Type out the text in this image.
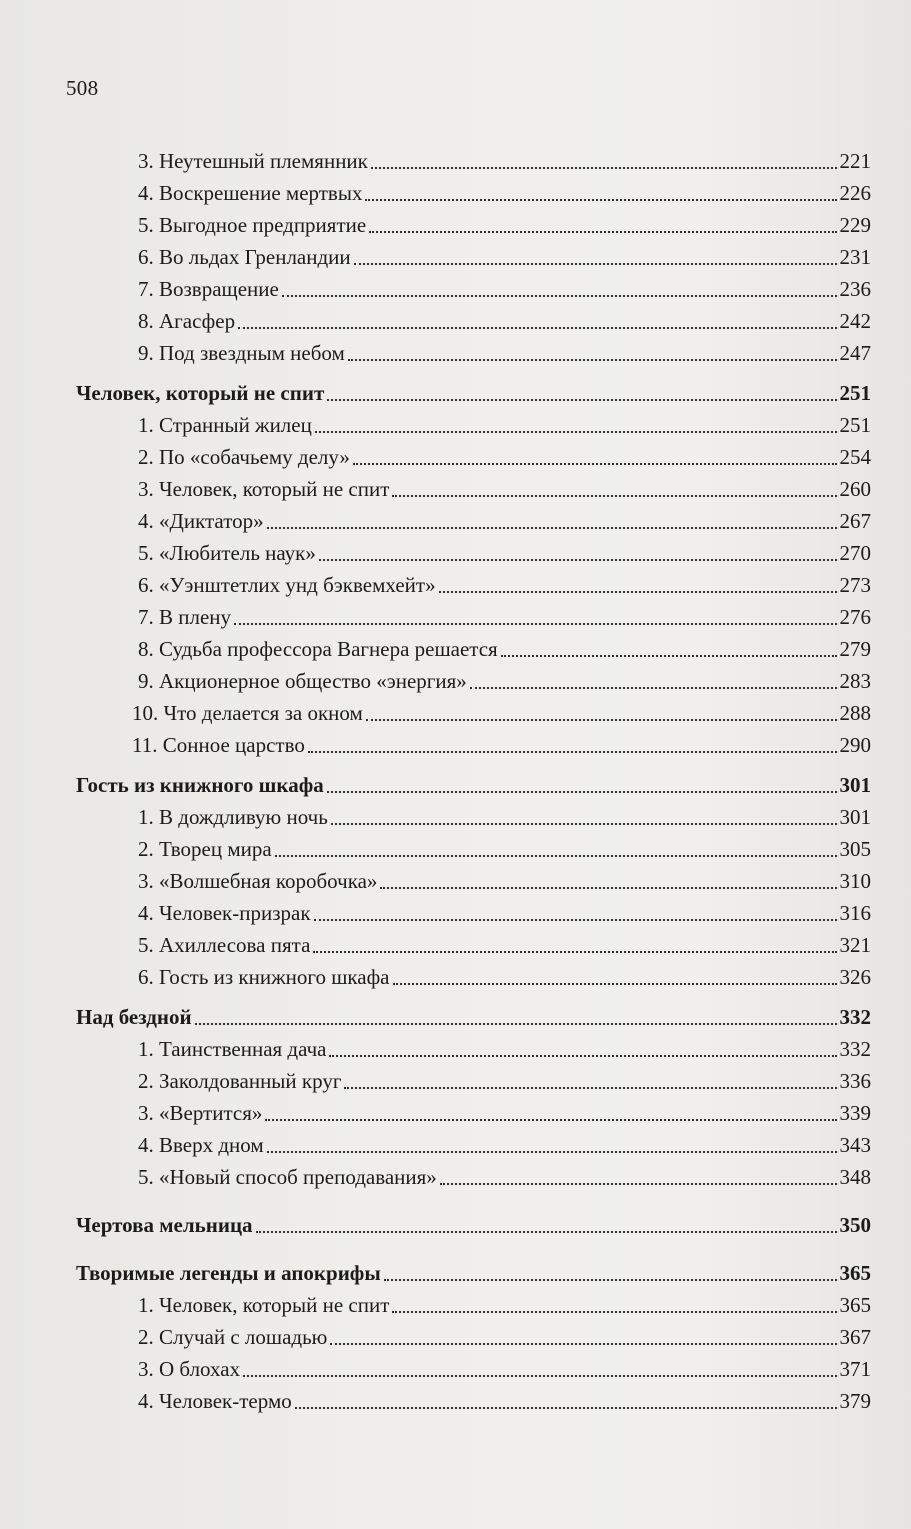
508
3. Неутешный племянник	221
4. Воскрешение мертвых	226
5. Выгодное предприятие	229
6. Во льдах Гренландии	231
7. Возвращение	236
8. Агасфер	242
9. Под звездным небом	247
Человек, который не спит	251
1. Странный жилец	251
2. По «собачьему делу»	254
3. Человек, который не спит	260
4. «Диктатор»	267
5. «Любитель наук»	270
6. «Уэнштетлих унд бэквемхейт»	273
7. В плену	276
8. Судьба профессора Вагнера решается	279
9. Акционерное общество «энергия»	283
10. Что делается за окном	288
11. Сонное царство	290
Гость из книжного шкафа	301
1. В дождливую ночь	301
2. Творец мира	305
3. «Волшебная коробочка»	310
4. Человек-призрак	316
5. Ахиллесова пята	321
6. Гость из книжного шкафа	326
Над бездной	332
1. Таинственная дача	332
2. Заколдованный круг	336
3. «Вертится»	339
4. Вверх дном	343
5. «Новый способ преподавания»	348
Чертова мельница	350
Творимые легенды и апокрифы	365
1. Человек, который не спит	365
2. Случай с лошадью	367
3. О блохах	371
4. Человек-термо	379
